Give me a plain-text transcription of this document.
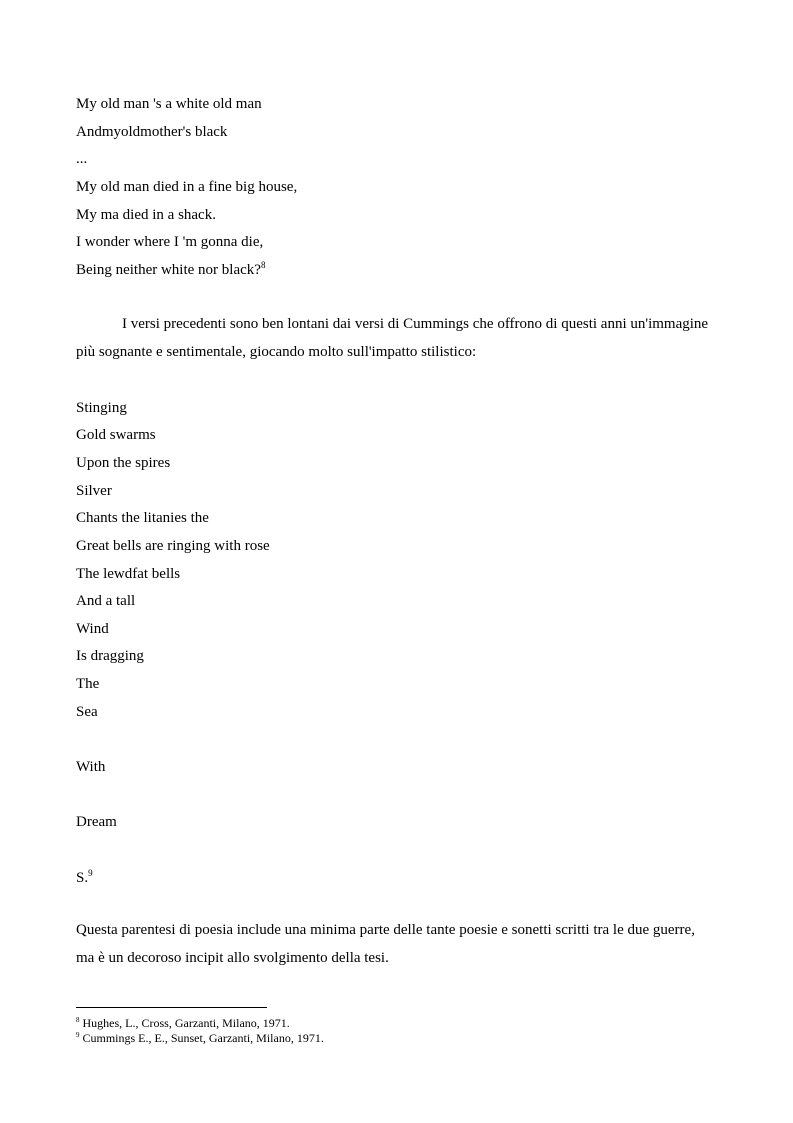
My old man 's a white old man
Andmyoldmother's black
...
My old man died in a fine big house,
My ma died in a shack.
I wonder where I 'm gonna die,
Being neither white nor black?$^8$

I versi precedenti sono ben lontani dai versi di Cummings che offrono di questi anni un'immagine più sognante e sentimentale, giocando molto sull'impatto stilistico:

Stinging
Gold swarms
Upon the spires
Silver
Chants the litanies the
Great bells are ringing with rose
The lewdfat bells
And a tall
Wind
Is dragging
The
Sea
With
Dream
S.$^9$

Questa parentesi di poesia include una minima parte delle tante poesie e sonetti scritti tra le due guerre, ma è un decoroso incipit allo svolgimento della tesi.

$^8$ Hughes, L., Cross, Garzanti, Milano, 1971.
$^9$ Cummings E., E., Sunset, Garzanti, Milano, 1971.
